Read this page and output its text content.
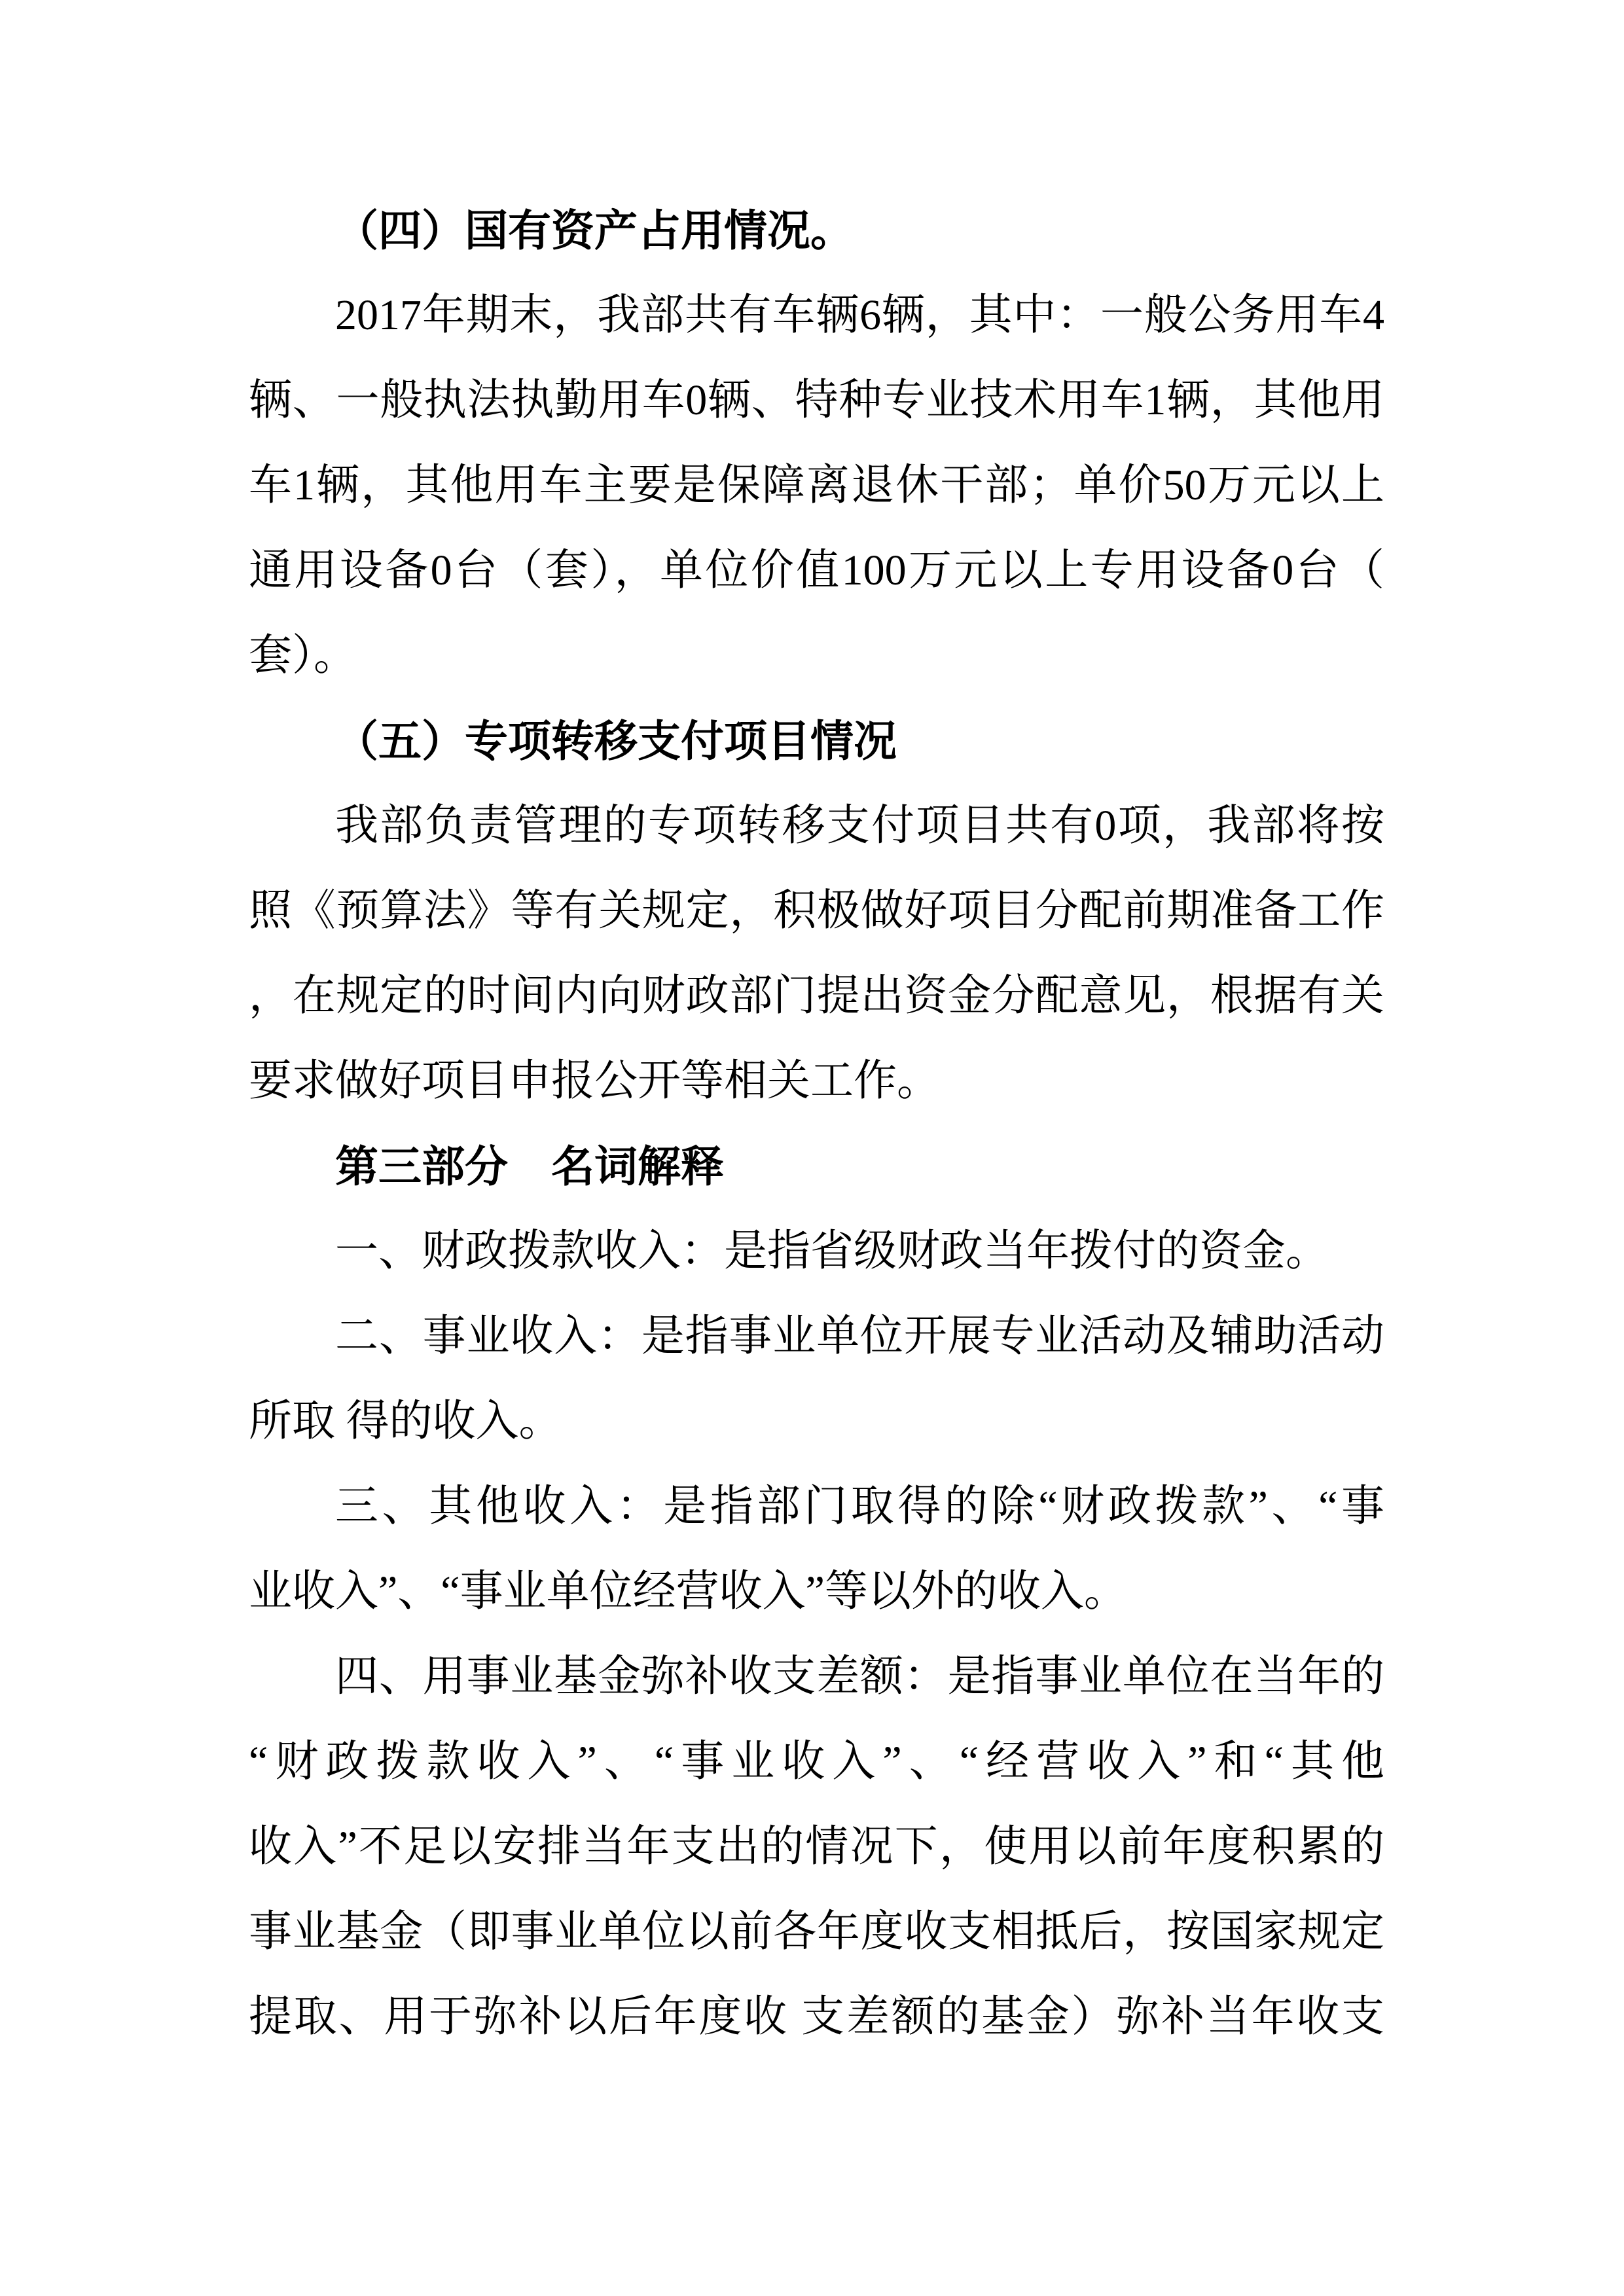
（四）国有资产占用情况。
2017年期末，我部共有车辆6辆，其中：一般公务用车4
辆、一般执法执勤用车0辆、特种专业技术用车1辆，其他用
车1辆，其他用车主要是保障离退休干部；单价50万元以上
通用设备0台（套），单位价值100万元以上专用设备0台（
套）。
（五）专项转移支付项目情况
我部负责管理的专项转移支付项目共有0项，我部将按
照《预算法》等有关规定，积极做好项目分配前期准备工作
，在规定的时间内向财政部门提出资金分配意见，根据有关
要求做好项目申报公开等相关工作。
第三部分　名词解释
一、财政拨款收入：是指省级财政当年拨付的资金。
二、事业收入：是指事业单位开展专业活动及辅助活动
所取 得的收入。
三、其他收入：是指部门取得的除“财政拨款”、“事
业收入”、“事业单位经营收入”等以外的收入。
四、用事业基金弥补收支差额：是指事业单位在当年的
“财政拨款收入”、“事业收入”、“经营收入”和“其他
收入”不足以安排当年支出的情况下，使用以前年度积累的
事业基金（即事业单位以前各年度收支相抵后，按国家规定
提取、用于弥补以后年度收 支差额的基金）弥补当年收支
